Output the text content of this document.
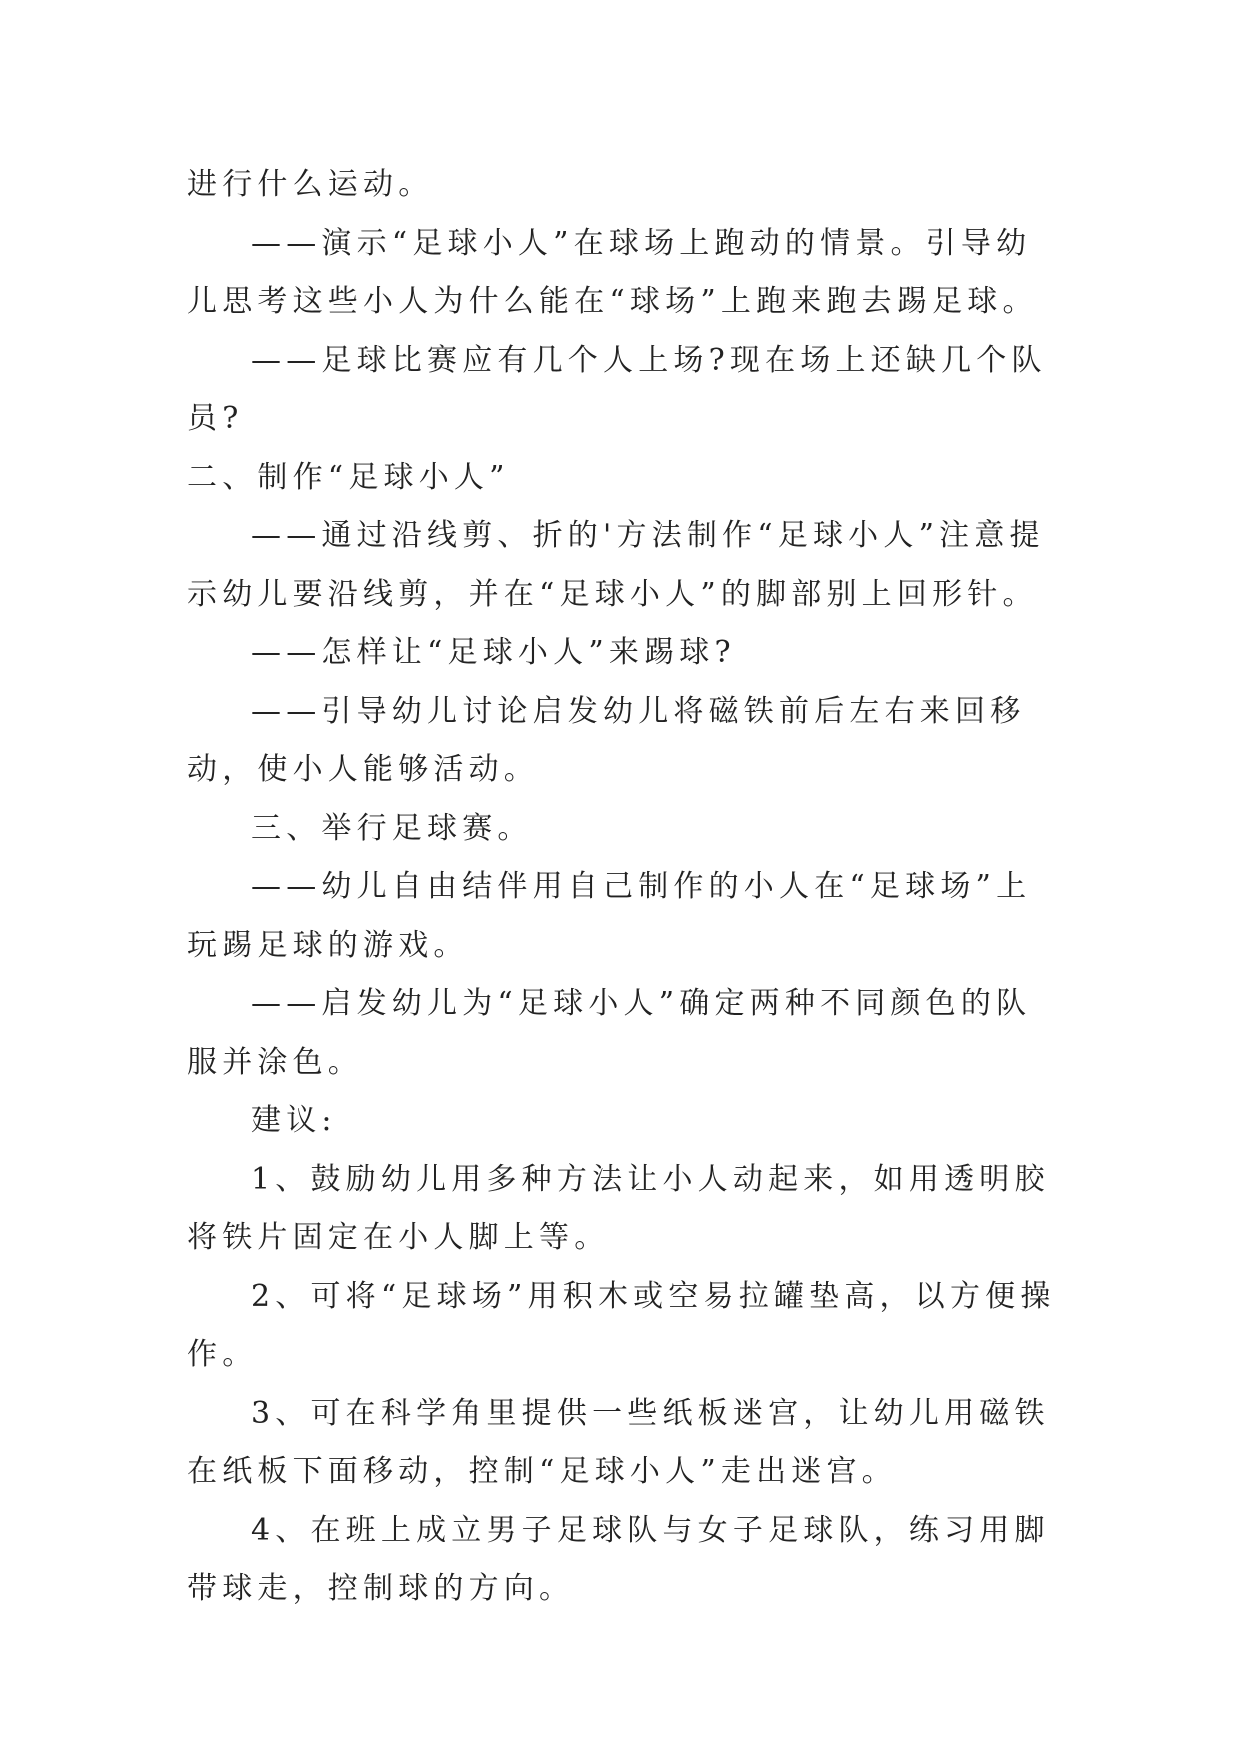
进行什么运动。

——演示“足球小人”在球场上跑动的情景。引导幼儿思考这些小人为什么能在“球场”上跑来跑去踢足球。

——足球比赛应有几个人上场?现在场上还缺几个队员?

二、制作“足球小人”

——通过沿线剪、折的'方法制作“足球小人”注意提示幼儿要沿线剪，并在“足球小人”的脚部别上回形针。

——怎样让“足球小人”来踢球?

——引导幼儿讨论启发幼儿将磁铁前后左右来回移动，使小人能够活动。

三、举行足球赛。

——幼儿自由结伴用自己制作的小人在“足球场”上玩踢足球的游戏。

——启发幼儿为“足球小人”确定两种不同颜色的队服并涂色。

建议:

1、鼓励幼儿用多种方法让小人动起来，如用透明胶将铁片固定在小人脚上等。

2、可将“足球场”用积木或空易拉罐垫高，以方便操作。

3、可在科学角里提供一些纸板迷宫，让幼儿用磁铁在纸板下面移动，控制“足球小人”走出迷宫。

4、在班上成立男子足球队与女子足球队，练习用脚带球走，控制球的方向。
